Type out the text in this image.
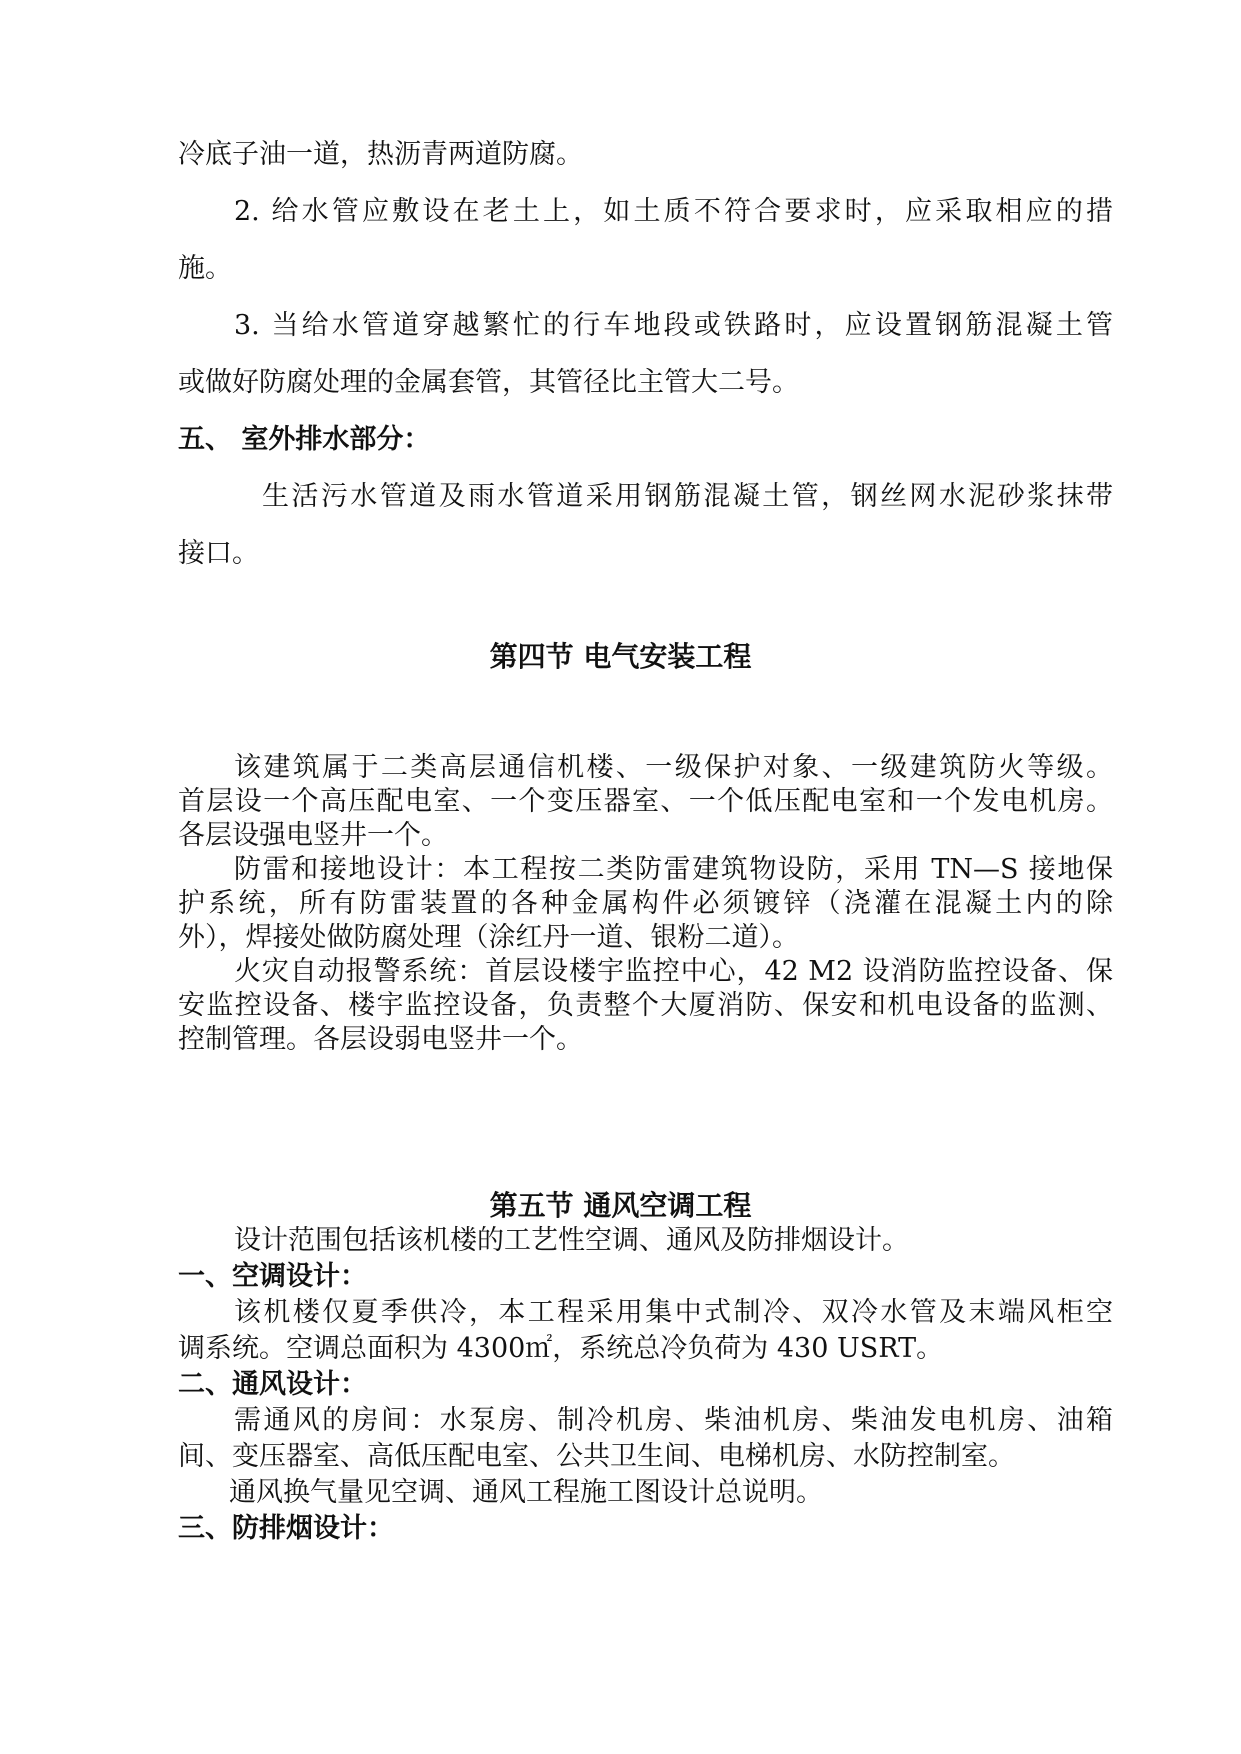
冷底子油一道，热沥青两道防腐。
2. 给水管应敷设在老土上，如土质不符合要求时，应采取相应的措
施。
3. 当给水管道穿越繁忙的行车地段或铁路时，应设置钢筋混凝土管
或做好防腐处理的金属套管，其管径比主管大二号。
五、 室外排水部分：
生活污水管道及雨水管道采用钢筋混凝土管，钢丝网水泥砂浆抹带
接口。
第四节 电气安装工程
该建筑属于二类高层通信机楼、一级保护对象、一级建筑防火等级。
首层设一个高压配电室、一个变压器室、一个低压配电室和一个发电机房。
各层设强电竖井一个。
防雷和接地设计：本工程按二类防雷建筑物设防，采用 TN—S 接地保
护系统，所有防雷装置的各种金属构件必须镀锌（浇灌在混凝土内的除
外），焊接处做防腐处理（涂红丹一道、银粉二道）。
火灾自动报警系统：首层设楼宇监控中心，42 M2 设消防监控设备、保
安监控设备、楼宇监控设备，负责整个大厦消防、保安和机电设备的监测、
控制管理。各层设弱电竖井一个。
第五节 通风空调工程
设计范围包括该机楼的工艺性空调、通风及防排烟设计。
一、空调设计：
该机楼仅夏季供冷，本工程采用集中式制冷、双冷水管及末端风柜空
调系统。空调总面积为 4300㎡，系统总冷负荷为 430 USRT。
二、通风设计：
需通风的房间：水泵房、制冷机房、柴油机房、柴油发电机房、油箱
间、变压器室、高低压配电室、公共卫生间、电梯机房、水防控制室。
通风换气量见空调、通风工程施工图设计总说明。
三、防排烟设计：
